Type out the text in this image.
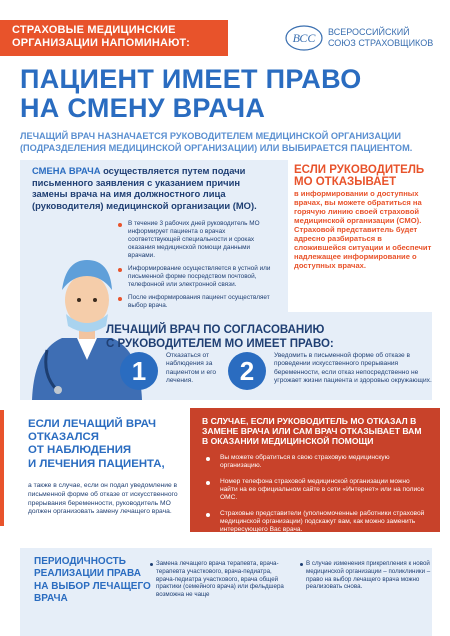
СТРАХОВЫЕ МЕДИЦИНСКИЕ
ОРГАНИЗАЦИИ НАПОМИНАЮТ:	ВСС ВСЕРОССИЙСКИЙ
СОЮЗ СТРАХОВЩИКОВ
ПАЦИЕНТ ИМЕЕТ ПРАВО
НА СМЕНУ ВРАЧА
ЛЕЧАЩИЙ ВРАЧ НАЗНАЧАЕТСЯ РУКОВОДИТЕЛЕМ МЕДИЦИНСКОЙ ОРГАНИЗАЦИИ (ПОДРАЗДЕЛЕНИЯ МЕДИЦИНСКОЙ ОРГАНИЗАЦИИ) ИЛИ ВЫБИРАЕТСЯ ПАЦИЕНТОМ.
СМЕНА ВРАЧА осуществляется путем подачи письменного заявления с указанием причин замены врача на имя должностного лица (руководителя) медицинской организации (МО).
В течение 3 рабочих дней руководитель МО информирует пациента о врачах соответствующей специальности и сроках оказания медицинской помощи данными врачами.
Информирование осуществляется в устной или письменной форме посредством почтовой, телефонной или электронной связи.
После информирования пациент осуществляет выбор врача.
ЕСЛИ РУКОВОДИТЕЛЬ МО ОТКАЗЫВАЕТ
в информировании о доступных врачах, вы можете обратиться на горячую линию своей страховой медицинской организации (СМО). Страховой представитель будет адресно разбираться в сложившейся ситуации и обеспечит надлежащее информирование о доступных врачах.
ЛЕЧАЩИЙ ВРАЧ ПО СОГЛАСОВАНИЮ
С РУКОВОДИТЕЛЕМ МО ИМЕЕТ ПРАВО:
1
Отказаться от наблюдения за пациентом и его лечения.	2
Уведомить в письменной форме об отказе в проведении искусственного прерывания беременности, если отказ непосредственно не угрожает жизни пациента и здоровью окружающих.
ЕСЛИ ЛЕЧАЩИЙ ВРАЧ
ОТКАЗАЛСЯ
ОТ НАБЛЮДЕНИЯ
И ЛЕЧЕНИЯ ПАЦИЕНТА,
а также в случае, если он подал уведомление в письменной форме об отказе от искусственного прерывания беременности, руководитель МО должен организовать замену лечащего врача.
В СЛУЧАЕ, ЕСЛИ РУКОВОДИТЕЛЬ МО ОТКАЗАЛ В ЗАМЕНЕ ВРАЧА ИЛИ САМ ВРАЧ ОТКАЗЫВАЕТ ВАМ В ОКАЗАНИИ МЕДИЦИНСКОЙ ПОМОЩИ
Вы можете обратиться в свою страховую медицинскую организацию.
Номер телефона страховой медицинской организации можно найти на ее официальном сайте в сети «Интернет» или на полисе ОМС.
Страховые представители (уполномоченные работники страховой медицинской организации) подскажут вам, как можно заменить интересующего Вас врача.
ПЕРИОДИЧНОСТЬ
РЕАЛИЗАЦИИ ПРАВА
НА ВЫБОР ЛЕЧАЩЕГО
ВРАЧА
Замена лечащего врача терапевта, врача-терапевта участкового, врача-педиатра, врача-педиатра участкового, врача общей практики (семейного врача) или фельдшера возможна не чаще
В случае изменения прикрепления к новой медицинской организации – поликлиники – право на выбор лечащего врача можно реализовать снова.
